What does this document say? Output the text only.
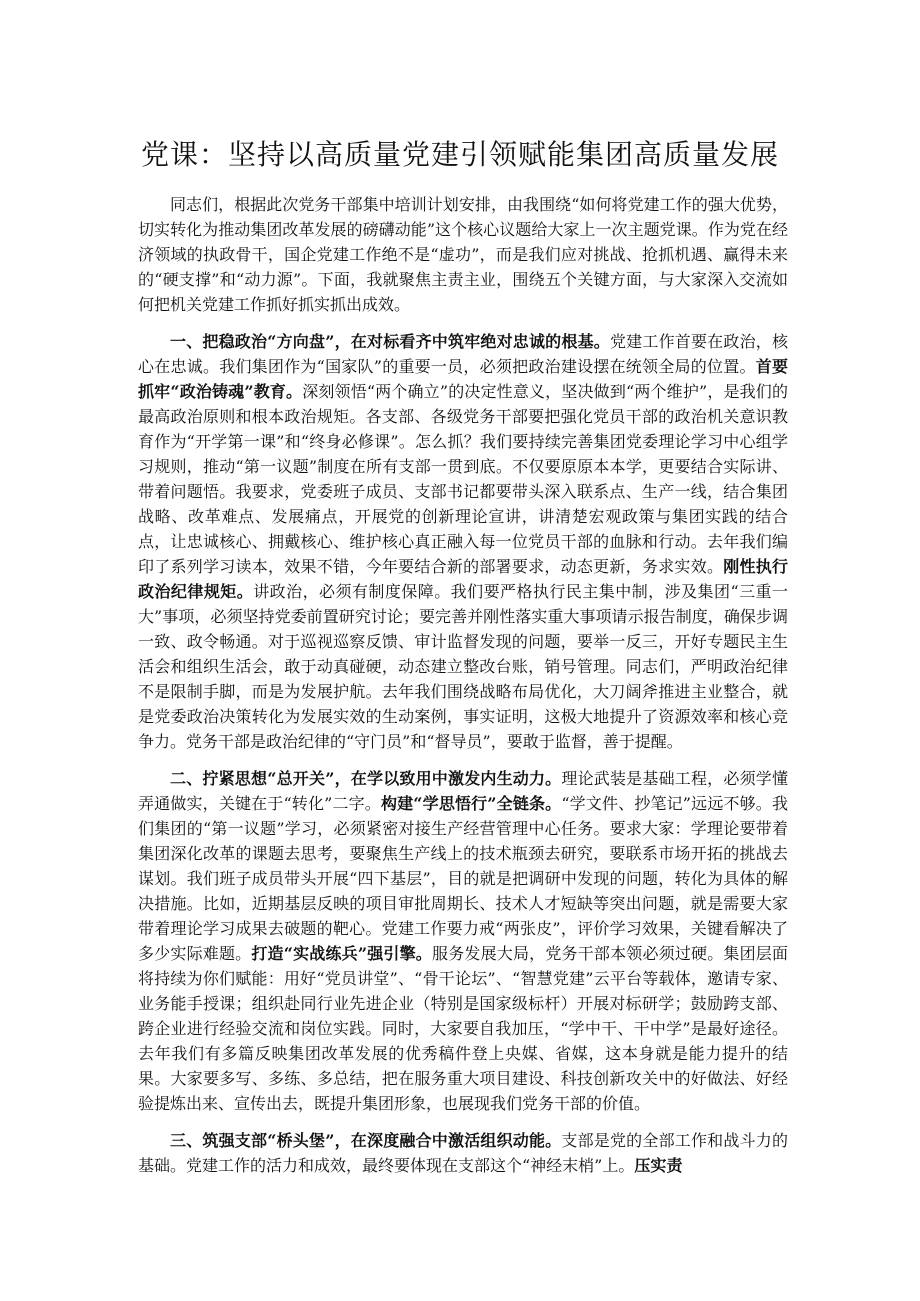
党课：坚持以高质量党建引领赋能集团高质量发展

同志们，根据此次党务干部集中培训计划安排，由我围绕“如何将党建工作的强大优势，切实转化为推动集团改革发展的磅礴动能”这个核心议题给大家上一次主题党课。作为党在经济领域的执政骨干，国企党建工作绝不是“虚功”，而是我们应对挑战、抢抓机遇、赢得未来的“硬支撑”和“动力源”。下面，我就聚焦主责主业，围绕五个关键方面，与大家深入交流如何把机关党建工作抓好抓实抓出成效。

一、把稳政治“方向盘”，在对标看齐中筑牢绝对忠诚的根基。党建工作首要在政治，核心在忠诚。我们集团作为“国家队”的重要一员，必须把政治建设摆在统领全局的位置。首要抓牢“政治铸魂”教育。深刻领悟“两个确立”的决定性意义，坚决做到“两个维护”，是我们的最高政治原则和根本政治规矩。各支部、各级党务干部要把强化党员干部的政治机关意识教育作为“开学第一课”和“终身必修课”。怎么抓？我们要持续完善集团党委理论学习中心组学习规则，推动“第一议题”制度在所有支部一贯到底。不仅要原原本本学，更要结合实际讲、带着问题悟。我要求，党委班子成员、支部书记都要带头深入联系点、生产一线，结合集团战略、改革难点、发展痛点，开展党的创新理论宣讲，讲清楚宏观政策与集团实践的结合点，让忠诚核心、拥戴核心、维护核心真正融入每一位党员干部的血脉和行动。去年我们编印了系列学习读本，效果不错，今年要结合新的部署要求，动态更新，务求实效。刚性执行政治纪律规矩。讲政治，必须有制度保障。我们要严格执行民主集中制，涉及集团“三重一大”事项，必须坚持党委前置研究讨论；要完善并刚性落实重大事项请示报告制度，确保步调一致、政令畅通。对于巡视巡察反馈、审计监督发现的问题，要举一反三，开好专题民主生活会和组织生活会，敢于动真碰硬，动态建立整改台账，销号管理。同志们，严明政治纪律不是限制手脚，而是为发展护航。去年我们围绕战略布局优化，大刀阔斧推进主业整合，就是党委政治决策转化为发展实效的生动案例，事实证明，这极大地提升了资源效率和核心竞争力。党务干部是政治纪律的“守门员”和“督导员”，要敢于监督，善于提醒。

二、拧紧思想“总开关”，在学以致用中激发内生动力。理论武装是基础工程，必须学懂弄通做实，关键在于“转化”二字。构建“学思悟行”全链条。“学文件、抄笔记”远远不够。我们集团的“第一议题”学习，必须紧密对接生产经营管理中心任务。要求大家：学理论要带着集团深化改革的课题去思考，要聚焦生产线上的技术瓶颈去研究，要联系市场开拓的挑战去谋划。我们班子成员带头开展“四下基层”，目的就是把调研中发现的问题，转化为具体的解决措施。比如，近期基层反映的项目审批周期长、技术人才短缺等突出问题，就是需要大家带着理论学习成果去破题的靶心。党建工作要力戒“两张皮”，评价学习效果，关键看解决了多少实际难题。打造“实战练兵”强引擎。服务发展大局，党务干部本领必须过硬。集团层面将持续为你们赋能：用好“党员讲堂”、“骨干论坛”、“智慧党建”云平台等载体，邀请专家、业务能手授课；组织赴同行业先进企业（特别是国家级标杆）开展对标研学；鼓励跨支部、跨企业进行经验交流和岗位实践。同时，大家要自我加压，“学中干、干中学”是最好途径。去年我们有多篇反映集团改革发展的优秀稿件登上央媒、省媒，这本身就是能力提升的结果。大家要多写、多练、多总结，把在服务重大项目建设、科技创新攻关中的好做法、好经验提炼出来、宣传出去，既提升集团形象，也展现我们党务干部的价值。

三、筑强支部“桥头堡”，在深度融合中激活组织动能。支部是党的全部工作和战斗力的基础。党建工作的活力和成效，最终要体现在支部这个“神经末梢”上。压实责
